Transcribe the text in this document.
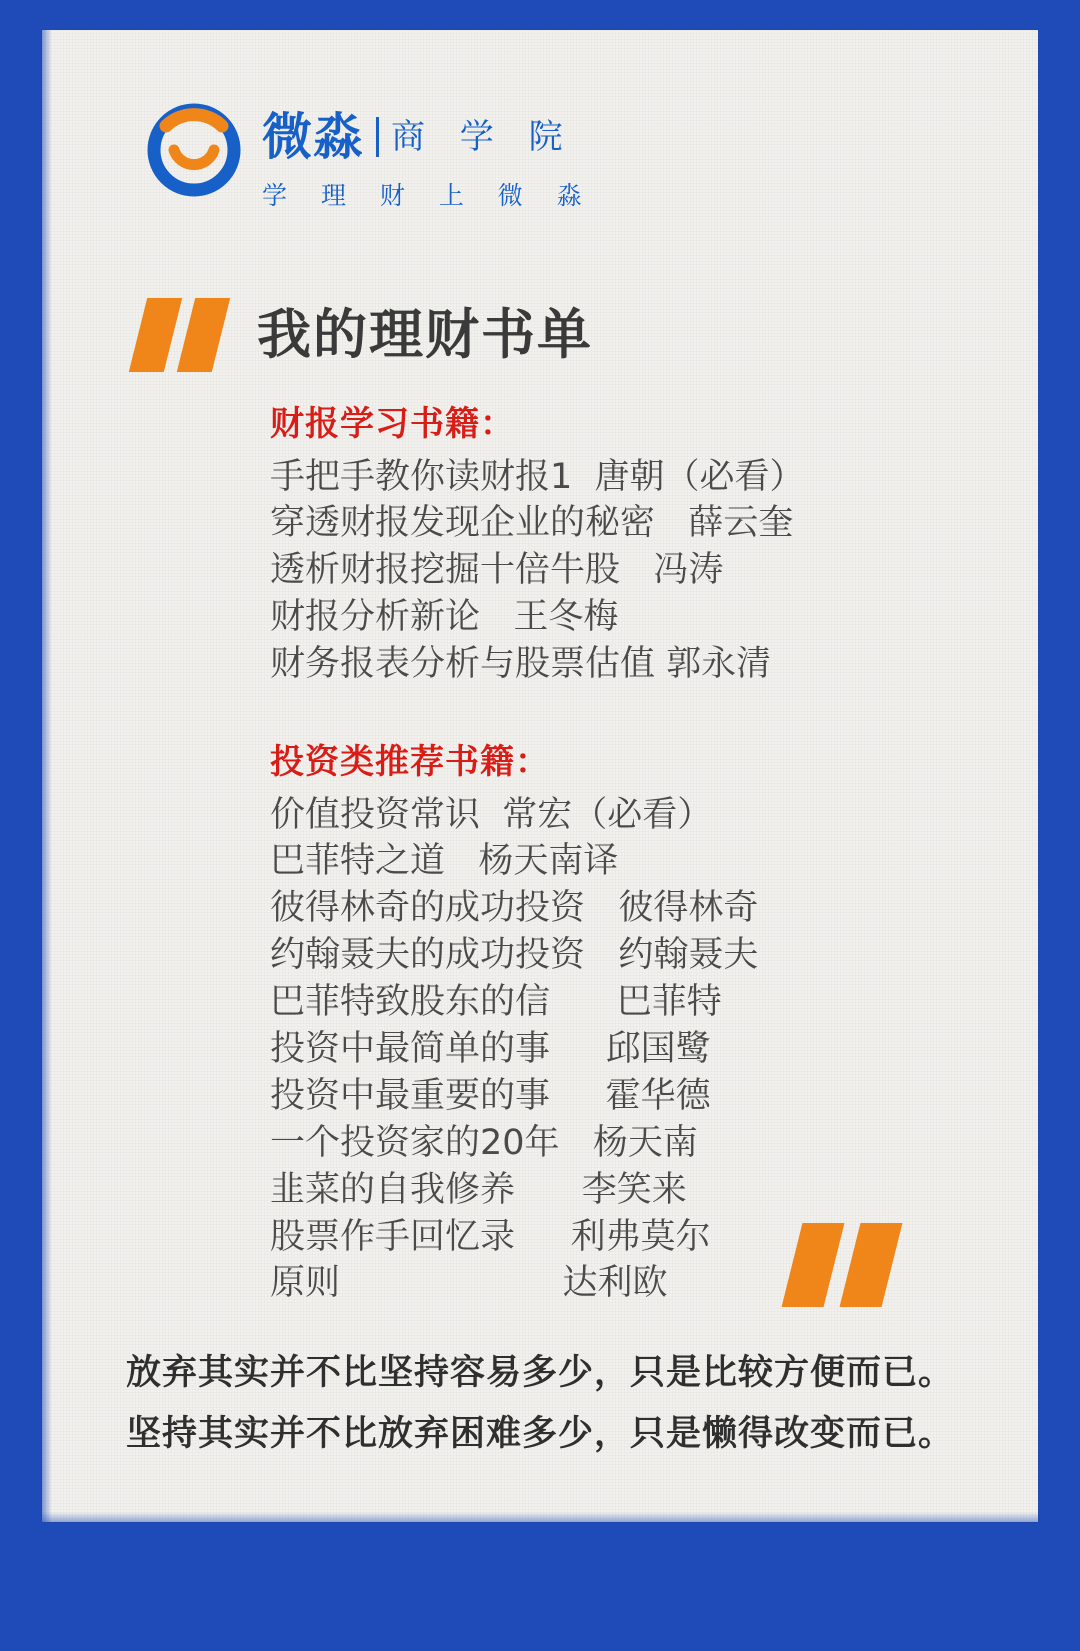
微淼 商 学 院
学 理 财 上 微 淼
我的理财书单
财报学习书籍：
手把手教你读财报1  唐朝（必看）
穿透财报发现企业的秘密   薛云奎
透析财报挖掘十倍牛股   冯涛
财报分析新论   王冬梅
财务报表分析与股票估值 郭永清
投资类推荐书籍：
价值投资常识  常宏（必看）
巴菲特之道   杨天南译
彼得林奇的成功投资   彼得林奇
约翰聂夫的成功投资   约翰聂夫
巴菲特致股东的信      巴菲特
投资中最简单的事     邱国鹭
投资中最重要的事     霍华德
一个投资家的20年   杨天南
韭菜的自我修养      李笑来
股票作手回忆录     利弗莫尔
原则                    达利欧
放弃其实并不比坚持容易多少，只是比较方便而已。
坚持其实并不比放弃困难多少，只是懒得改变而已。
